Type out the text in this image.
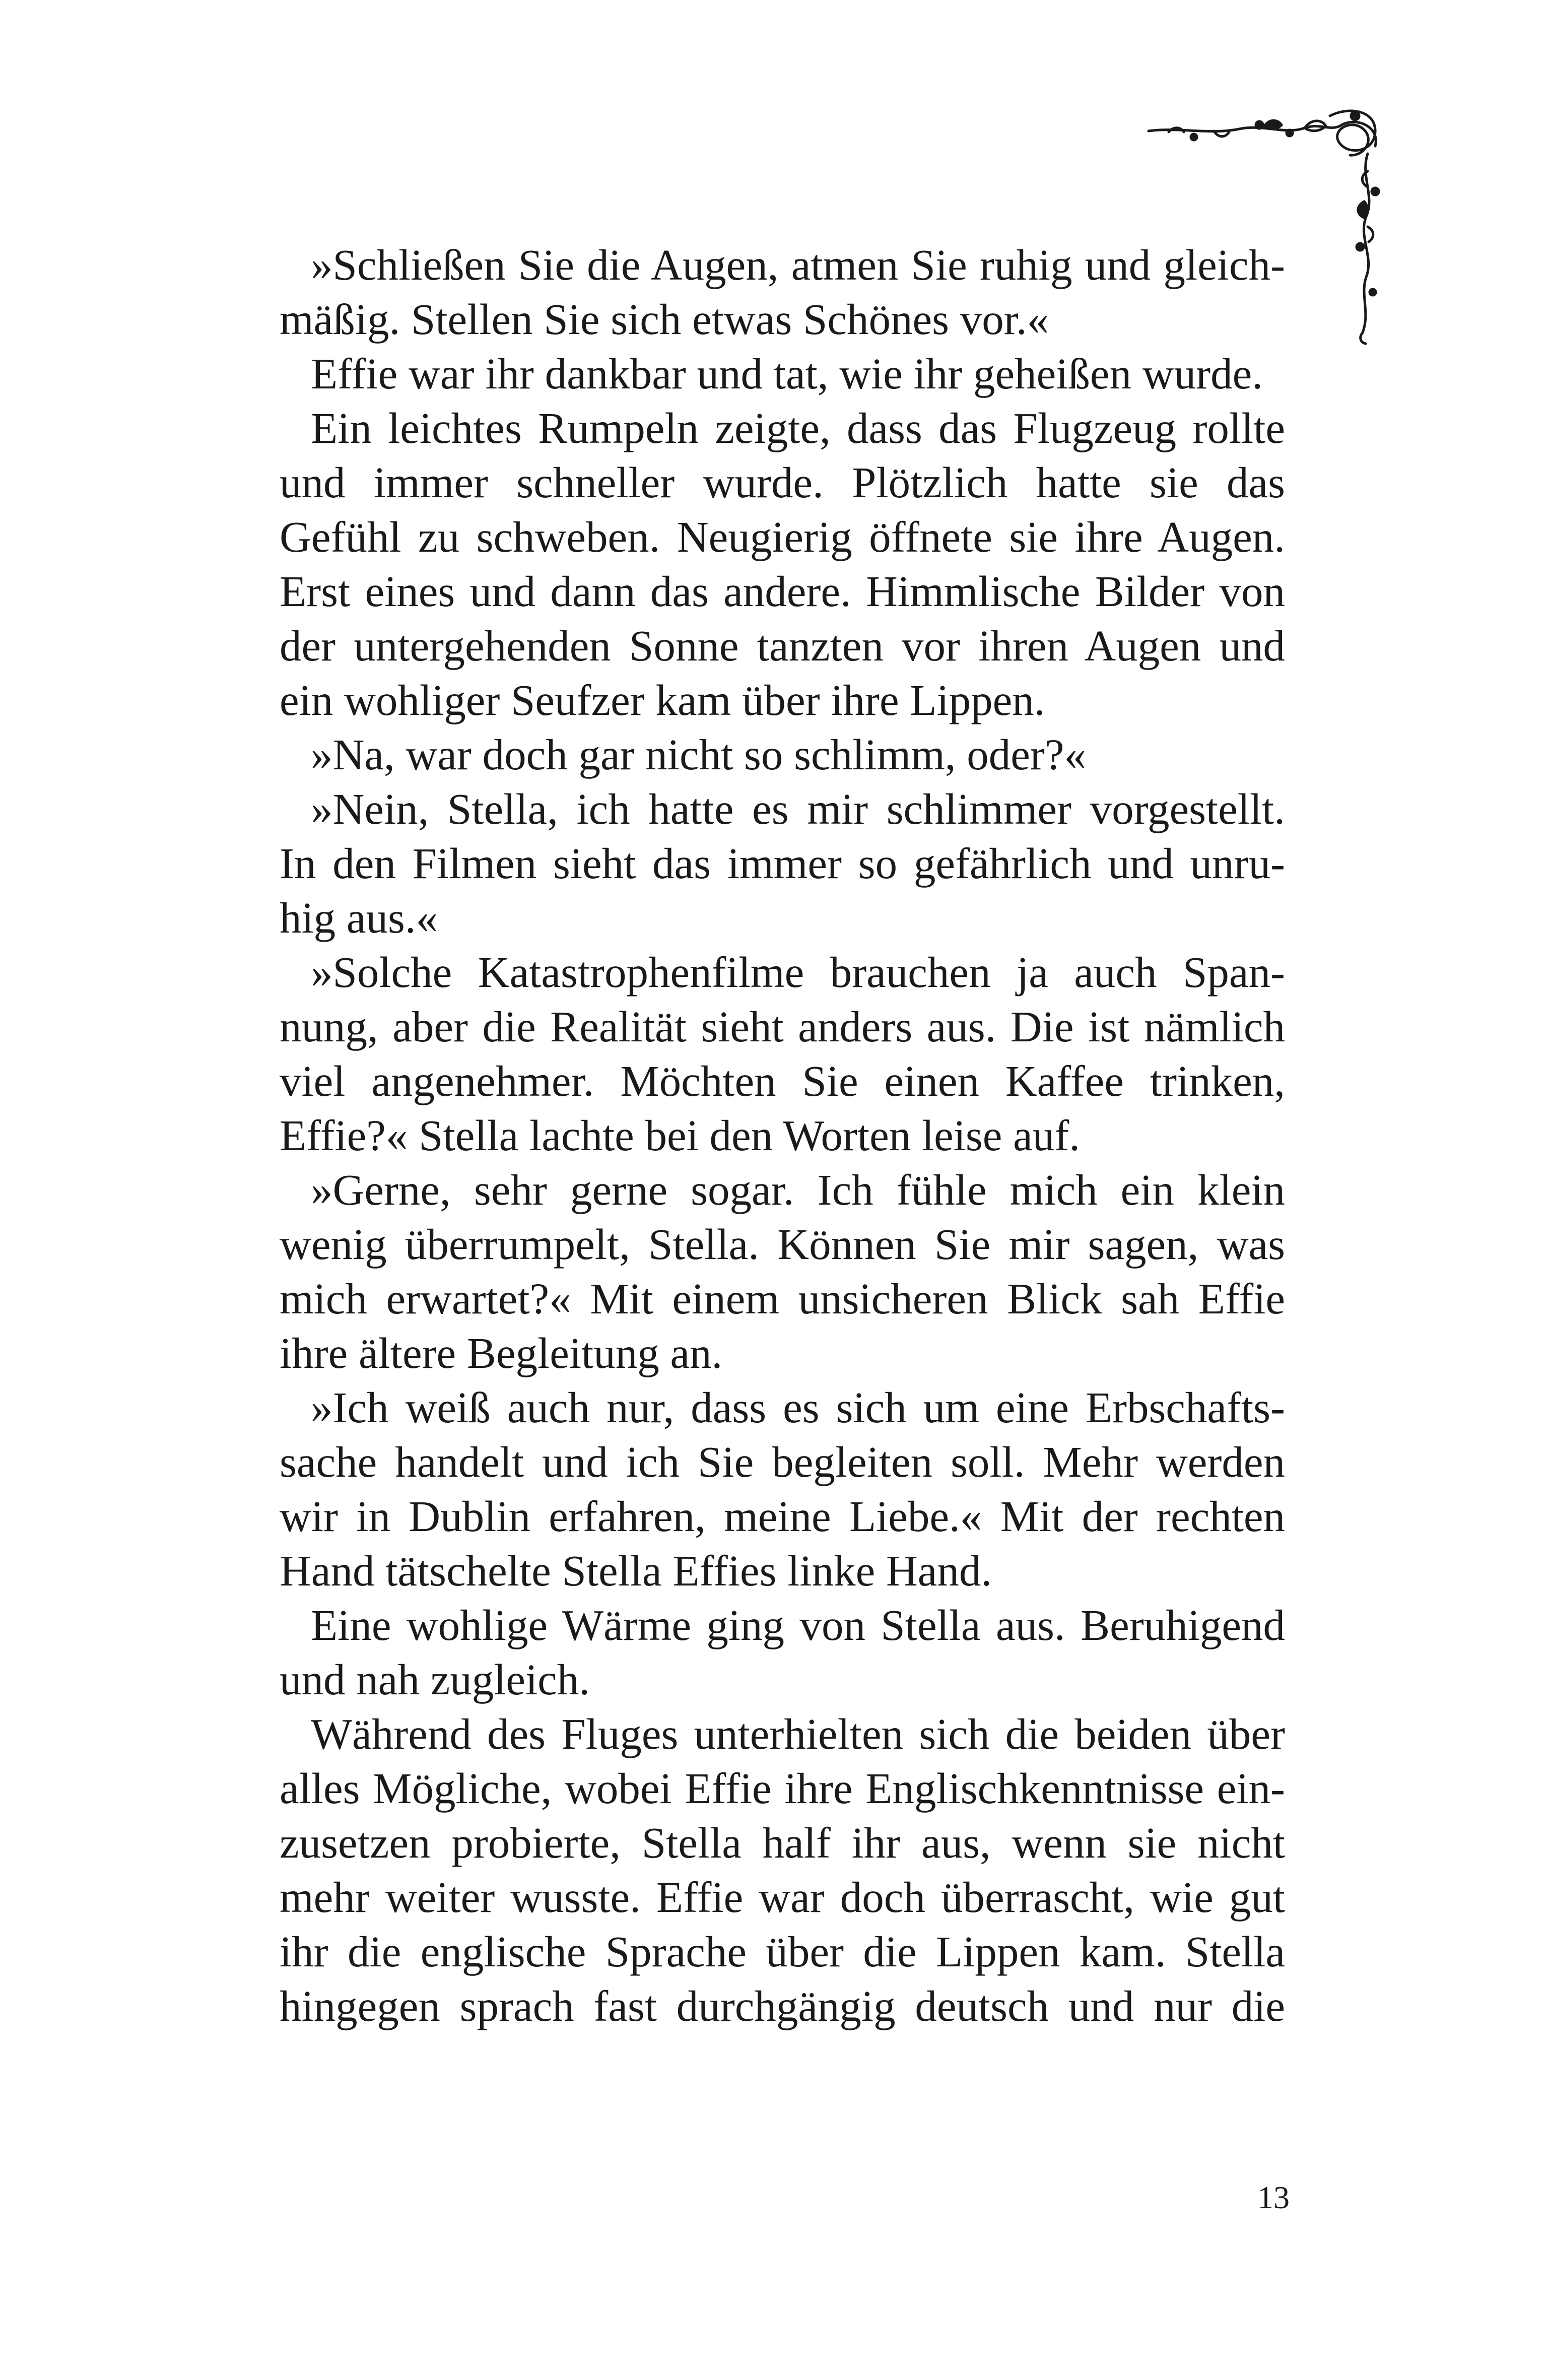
»Schließen Sie die Augen, atmen Sie ruhig und gleich-
mäßig. Stellen Sie sich etwas Schönes vor.«
Effie war ihr dankbar und tat, wie ihr geheißen wurde.
Ein leichtes Rumpeln zeigte, dass das Flugzeug rollte
und immer schneller wurde. Plötzlich hatte sie das
Gefühl zu schweben. Neugierig öffnete sie ihre Augen.
Erst eines und dann das andere. Himmlische Bilder von
der untergehenden Sonne tanzten vor ihren Augen und
ein wohliger Seufzer kam über ihre Lippen.
»Na, war doch gar nicht so schlimm, oder?«
»Nein, Stella, ich hatte es mir schlimmer vorgestellt.
In den Filmen sieht das immer so gefährlich und unru-
hig aus.«
»Solche Katastrophenfilme brauchen ja auch Span-
nung, aber die Realität sieht anders aus. Die ist nämlich
viel angenehmer. Möchten Sie einen Kaffee trinken,
Effie?« Stella lachte bei den Worten leise auf.
»Gerne, sehr gerne sogar. Ich fühle mich ein klein
wenig überrumpelt, Stella. Können Sie mir sagen, was
mich erwartet?« Mit einem unsicheren Blick sah Effie
ihre ältere Begleitung an.
»Ich weiß auch nur, dass es sich um eine Erbschafts-
sache handelt und ich Sie begleiten soll. Mehr werden
wir in Dublin erfahren, meine Liebe.« Mit der rechten
Hand tätschelte Stella Effies linke Hand.
Eine wohlige Wärme ging von Stella aus. Beruhigend
und nah zugleich.
Während des Fluges unterhielten sich die beiden über
alles Mögliche, wobei Effie ihre Englischkenntnisse ein-
zusetzen probierte, Stella half ihr aus, wenn sie nicht
mehr weiter wusste. Effie war doch überrascht, wie gut
ihr die englische Sprache über die Lippen kam. Stella
hingegen sprach fast durchgängig deutsch und nur die
13
